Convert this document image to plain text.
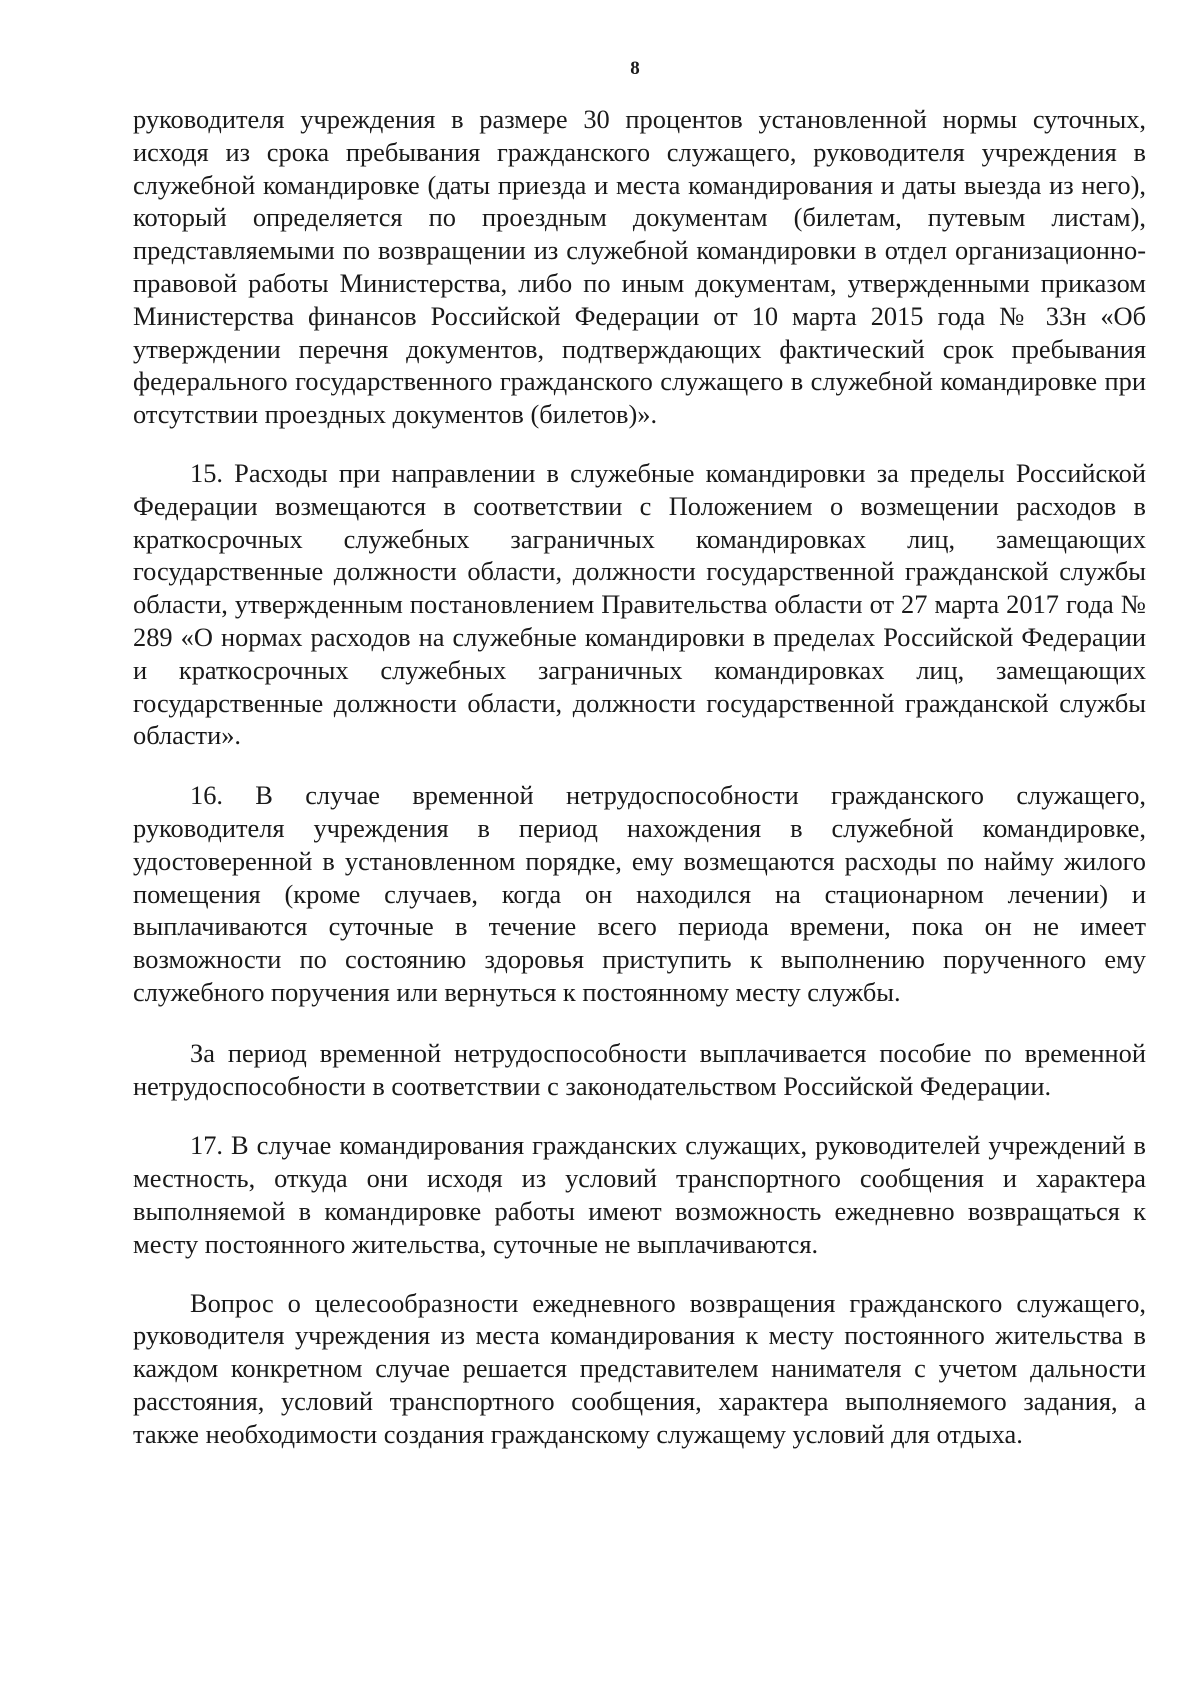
8

руководителя учреждения в размере 30 процентов установленной нормы суточных, исходя из срока пребывания гражданского служащего, руководителя учреждения в служебной командировке (даты приезда и места командирования и даты выезда из него), который определяется по проездным документам (билетам, путевым листам), представляемыми по возвращении из служебной командировки в отдел организационно-правовой работы Министерства, либо по иным документам, утвержденными приказом Министерства финансов Российской Федерации от 10 марта 2015 года № 33н «Об утверждении перечня документов, подтверждающих фактический срок пребывания федерального государственного гражданского служащего в служебной командировке при отсутствии проездных документов (билетов)».

15. Расходы при направлении в служебные командировки за пределы Российской Федерации возмещаются в соответствии с Положением о возмещении расходов в краткосрочных служебных заграничных командировках лиц, замещающих государственные должности области, должности государственной гражданской службы области, утвержденным постановлением Правительства области от 27 марта 2017 года № 289 «О нормах расходов на служебные командировки в пределах Российской Федерации и краткосрочных служебных заграничных командировках лиц, замещающих государственные должности области, должности государственной гражданской службы области».

16. В случае временной нетрудоспособности гражданского служащего, руководителя учреждения в период нахождения в служебной командировке, удостоверенной в установленном порядке, ему возмещаются расходы по найму жилого помещения (кроме случаев, когда он находился на стационарном лечении) и выплачиваются суточные в течение всего периода времени, пока он не имеет возможности по состоянию здоровья приступить к выполнению порученного ему служебного поручения или вернуться к постоянному месту службы.

За период временной нетрудоспособности выплачивается пособие по временной нетрудоспособности в соответствии с законодательством Российской Федерации.

17. В случае командирования гражданских служащих, руководителей учреждений в местность, откуда они исходя из условий транспортного сообщения и характера выполняемой в командировке работы имеют возможность ежедневно возвращаться к месту постоянного жительства, суточные не выплачиваются.

Вопрос о целесообразности ежедневного возвращения гражданского служащего, руководителя учреждения из места командирования к месту постоянного жительства в каждом конкретном случае решается представителем нанимателя с учетом дальности расстояния, условий транспортного сообщения, характера выполняемого задания, а также необходимости создания гражданскому служащему условий для отдыха.
